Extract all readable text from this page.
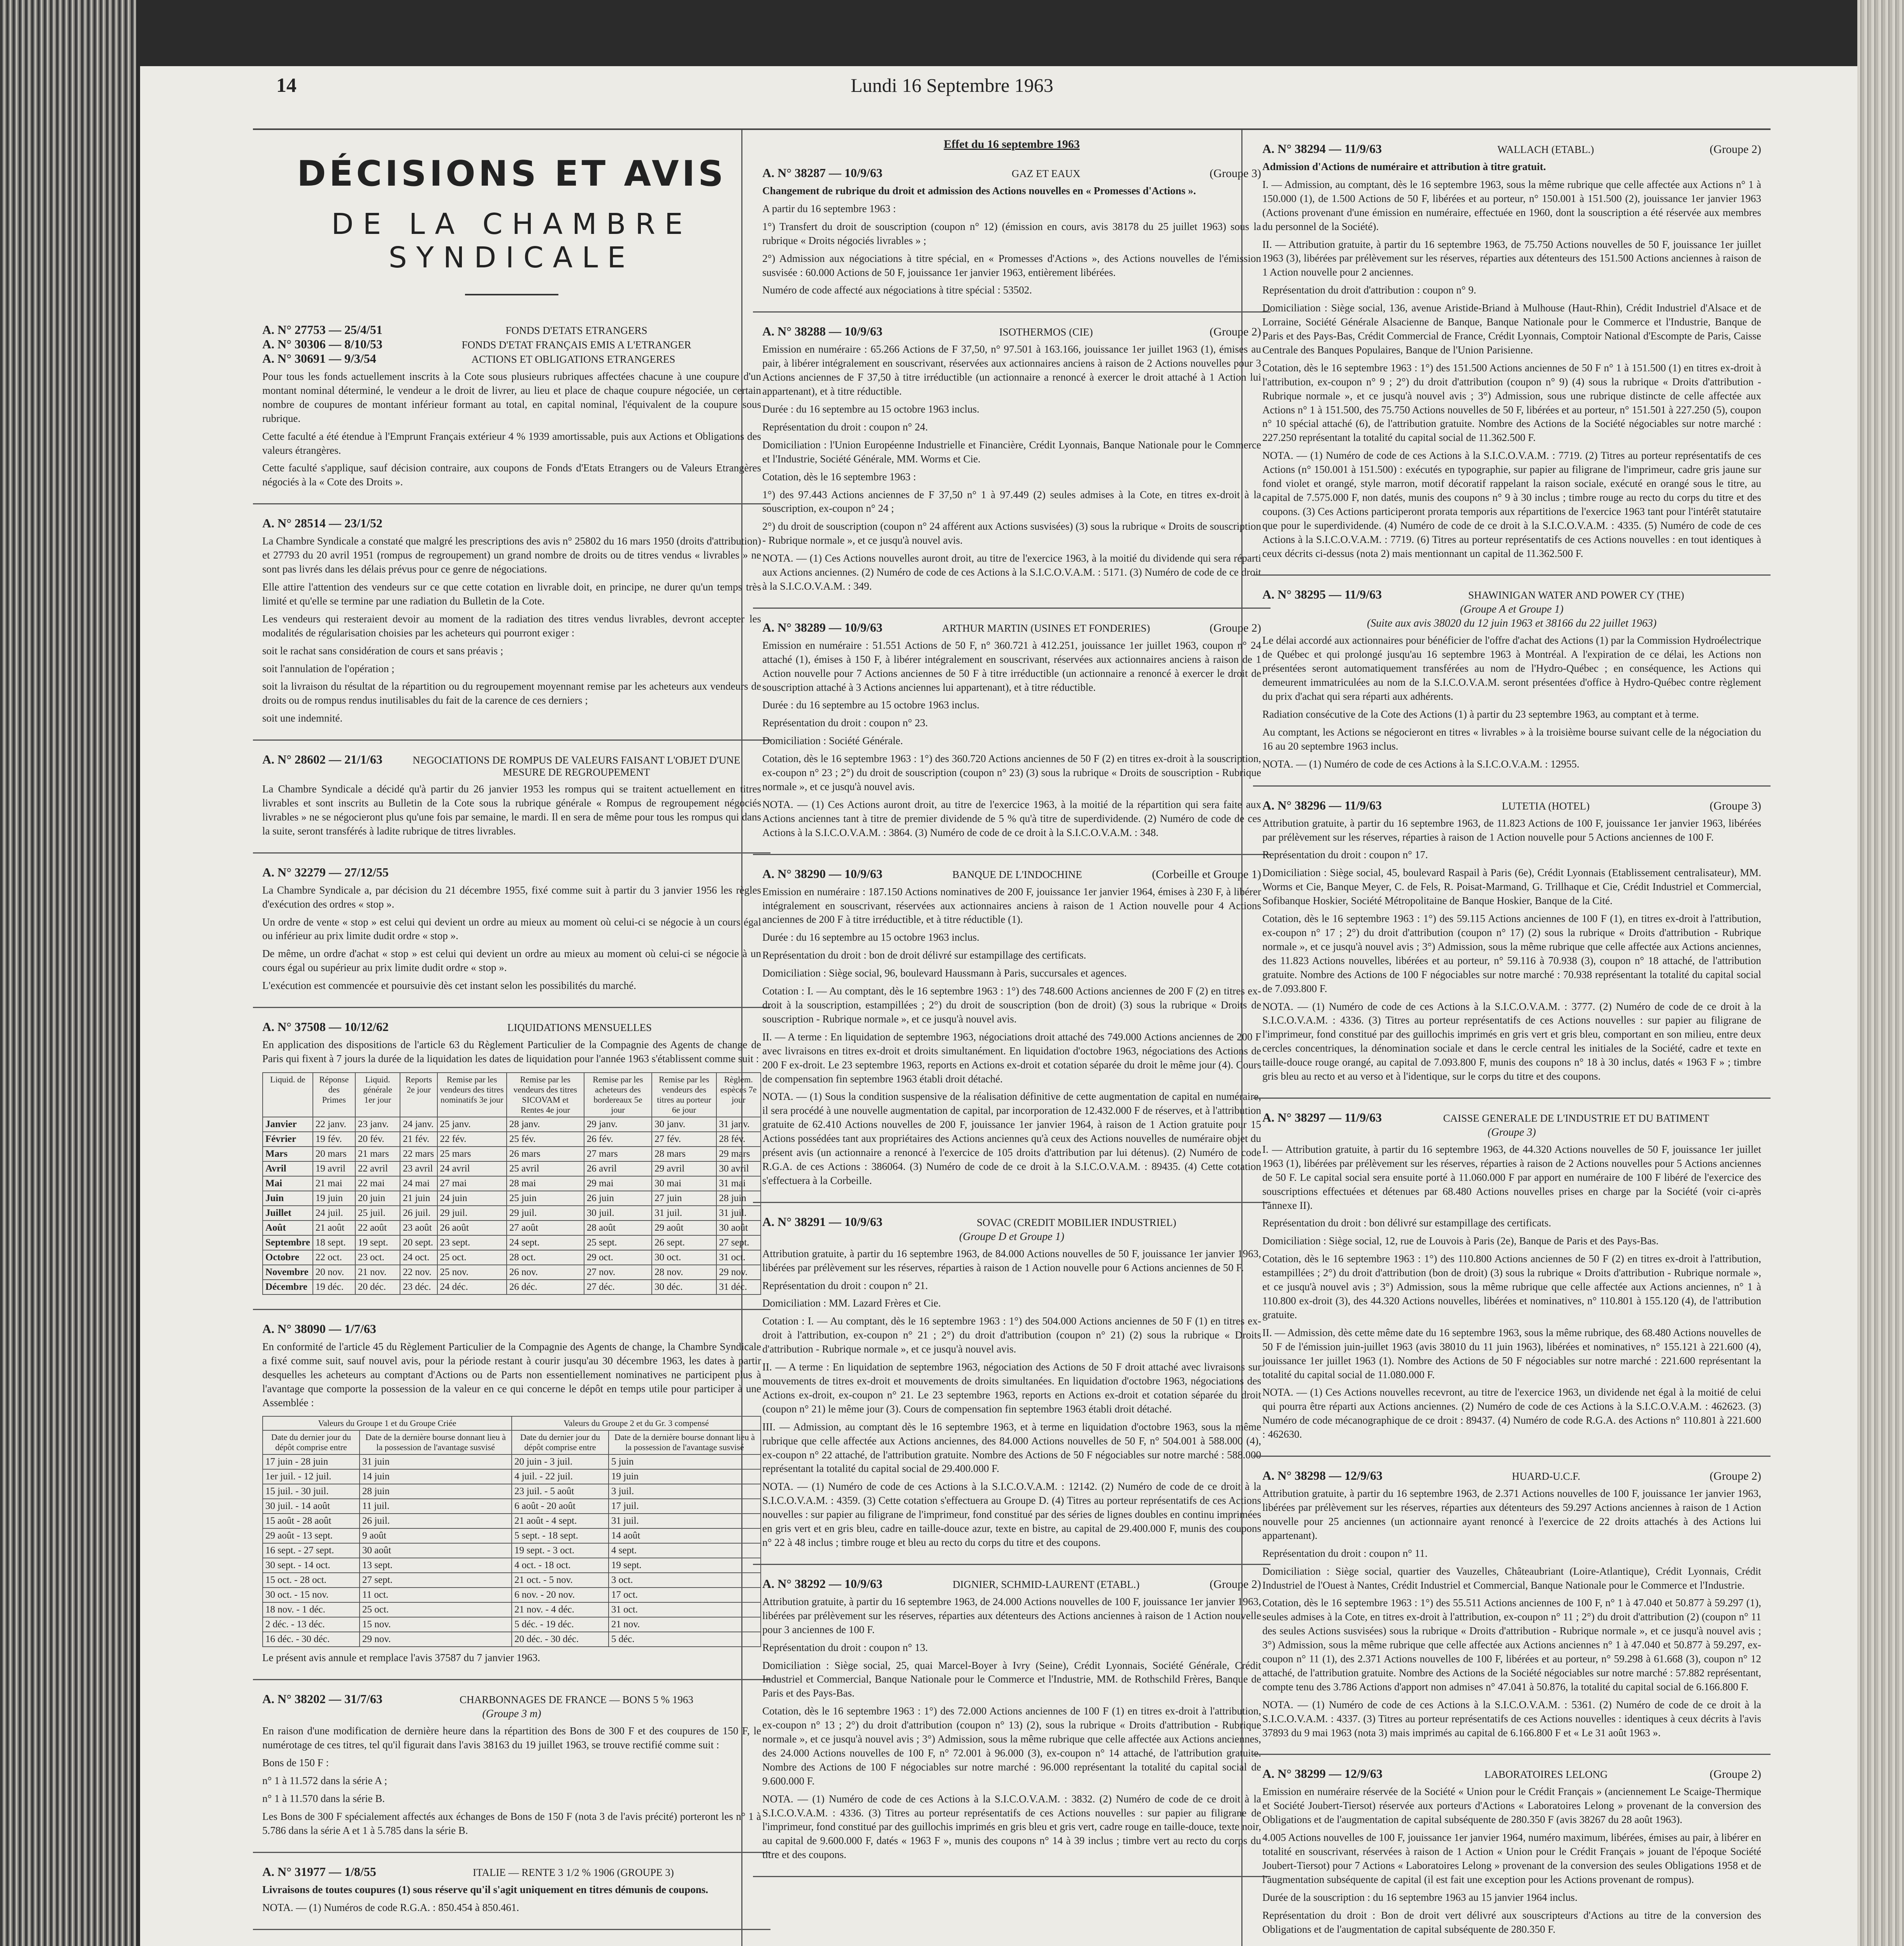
14	Lundi 16 Septembre 1963
DÉCISIONS ET AVIS
DE LA CHAMBRE SYNDICALE
A. N° 27753 — 25/4/51	FONDS D'ETATS ETRANGERS
A. N° 30306 — 8/10/53	FONDS D'ETAT FRANÇAIS EMIS A L'ETRANGER
A. N° 30691 — 9/3/54	ACTIONS ET OBLIGATIONS ETRANGERES

Pour tous les fonds actuellement inscrits à la Cote sous plusieurs rubriques affectées chacune à une coupure d'un montant nominal déterminé, le vendeur a le droit de livrer, au lieu et place de chaque coupure négociée, un certain nombre de coupures de montant inférieur formant au total, en capital nominal, l'équivalent de la coupure sous rubrique.

Cette faculté a été étendue à l'Emprunt Français extérieur 4 % 1939 amortissable, puis aux Actions et Obligations des valeurs étrangères.

Cette faculté s'applique, sauf décision contraire, aux coupons de Fonds d'Etats Etrangers ou de Valeurs Etrangères négociés à la « Cote des Droits ».

A. N° 28514 — 23/1/52

La Chambre Syndicale a constaté que malgré les prescriptions des avis n° 25802 du 16 mars 1950 (droits d'attribution) et 27793 du 20 avril 1951 (rompus de regroupement) un grand nombre de droits ou de titres vendus « livrables » ne sont pas livrés dans les délais prévus pour ce genre de négociations.

Elle attire l'attention des vendeurs sur ce que cette cotation en livrable doit, en principe, ne durer qu'un temps très limité et qu'elle se termine par une radiation du Bulletin de la Cote.

Les vendeurs qui resteraient devoir au moment de la radiation des titres vendus livrables, devront accepter les modalités de régularisation choisies par les acheteurs qui pourront exiger :

soit le rachat sans considération de cours et sans préavis ;

soit l'annulation de l'opération ;

soit la livraison du résultat de la répartition ou du regroupement moyennant remise par les acheteurs aux vendeurs de droits ou de rompus rendus inutilisables du fait de la carence de ces derniers ;

soit une indemnité.

A. N° 28602 — 21/1/63	NEGOCIATIONS DE ROMPUS DE VALEURS FAISANT L'OBJET D'UNE MESURE DE REGROUPEMENT

La Chambre Syndicale a décidé qu'à partir du 26 janvier 1953 les rompus qui se traitent actuellement en titres livrables et sont inscrits au Bulletin de la Cote sous la rubrique générale « Rompus de regroupement négociés livrables » ne se négocieront plus qu'une fois par semaine, le mardi. Il en sera de même pour tous les rompus qui dans la suite, seront transférés à ladite rubrique de titres livrables.

A. N° 32279 — 27/12/55

La Chambre Syndicale a, par décision du 21 décembre 1955, fixé comme suit à partir du 3 janvier 1956 les règles d'exécution des ordres « stop ».

Un ordre de vente « stop » est celui qui devient un ordre au mieux au moment où celui-ci se négocie à un cours égal ou inférieur au prix limite dudit ordre « stop ».

De même, un ordre d'achat « stop » est celui qui devient un ordre au mieux au moment où celui-ci se négocie à un cours égal ou supérieur au prix limite dudit ordre « stop ».

L'exécution est commencée et poursuivie dès cet instant selon les possibilités du marché.

A. N° 37508 — 10/12/62	LIQUIDATIONS MENSUELLES

En application des dispositions de l'article 63 du Règlement Particulier de la Compagnie des Agents de change de Paris qui fixent à 7 jours la durée de la liquidation les dates de liquidation pour l'année 1963 s'établissent comme suit :

Liquid. de	Réponse des Primes	Liquid. générale 1er jour	Reports 2e jour	Remise par les vendeurs des titres nominatifs 3e jour	Remise par les vendeurs des titres SICOVAM et Rentes 4e jour	Remise par les acheteurs des bordereaux 5e jour	Remise par les vendeurs des titres au porteur 6e jour	Règlem. espèces 7e jour
Janvier	22 janv.	23 janv.	24 janv.	25 janv.	28 janv.	29 janv.	30 janv.	31 janv.
Février	19 fév.	20 fév.	21 fév.	22 fév.	25 fév.	26 fév.	27 fév.	28 fév.
Mars	20 mars	21 mars	22 mars	25 mars	26 mars	27 mars	28 mars	29 mars
Avril	19 avril	22 avril	23 avril	24 avril	25 avril	26 avril	29 avril	30 avril
Mai	21 mai	22 mai	24 mai	27 mai	28 mai	29 mai	30 mai	31 mai
Juin	19 juin	20 juin	21 juin	24 juin	25 juin	26 juin	27 juin	28 juin
Juillet	24 juil.	25 juil.	26 juil.	29 juil.	29 juil.	30 juil.	31 juil.	31 juil.
Août	21 août	22 août	23 août	26 août	27 août	28 août	29 août	30 août
Septembre	18 sept.	19 sept.	20 sept.	23 sept.	24 sept.	25 sept.	26 sept.	27 sept.
Octobre	22 oct.	23 oct.	24 oct.	25 oct.	28 oct.	29 oct.	30 oct.	31 oct.
Novembre	20 nov.	21 nov.	22 nov.	25 nov.	26 nov.	27 nov.	28 nov.	29 nov.
Décembre	19 déc.	20 déc.	23 déc.	24 déc.	26 déc.	27 déc.	30 déc.	31 déc.
A. N° 38090 — 1/7/63

En conformité de l'article 45 du Règlement Particulier de la Compagnie des Agents de change, la Chambre Syndicale a fixé comme suit, sauf nouvel avis, pour la période restant à courir jusqu'au 30 décembre 1963, les dates à partir desquelles les acheteurs au comptant d'Actions ou de Parts non essentiellement nominatives ne participent plus à l'avantage que comporte la possession de la valeur en ce qui concerne le dépôt en temps utile pour participer à une Assemblée :

Valeurs du Groupe 1 et du Groupe Criée		Valeurs du Groupe 2 et du Gr. 3 compensé	
Date du dernier jour du dépôt comprise entre	Date de la dernière bourse donnant lieu à la possession de l'avantage susvisé	Date du dernier jour du dépôt comprise entre	Date de la dernière bourse donnant lieu à la possession de l'avantage susvisé
17 juin - 28 juin	31 juin	20 juin - 3 juil.	5 juin
1er juil. - 12 juil.	14 juin	4 juil. - 22 juil.	19 juin
15 juil. - 30 juil.	28 juin	23 juil. - 5 août	3 juil.
30 juil. - 14 août	11 juil.	6 août - 20 août	17 juil.
15 août - 28 août	26 juil.	21 août - 4 sept.	31 juil.
29 août - 13 sept.	9 août	5 sept. - 18 sept.	14 août
16 sept. - 27 sept.	30 août	19 sept. - 3 oct.	4 sept.
30 sept. - 14 oct.	13 sept.	4 oct. - 18 oct.	19 sept.
15 oct. - 28 oct.	27 sept.	21 oct. - 5 nov.	3 oct.
30 oct. - 15 nov.	11 oct.	6 nov. - 20 nov.	17 oct.
18 nov. - 1 déc.	25 oct.	21 nov. - 4 déc.	31 oct.
2 déc. - 13 déc.	15 nov.	5 déc. - 19 déc.	21 nov.
16 déc. - 30 déc.	29 nov.	20 déc. - 30 déc.	5 déc.

Le présent avis annule et remplace l'avis 37587 du 7 janvier 1963.

A. N° 38202 — 31/7/63	CHARBONNAGES DE FRANCE — BONS 5 % 1963
(Groupe 3 m)

En raison d'une modification de dernière heure dans la répartition des Bons de 300 F et des coupures de 150 F, le numérotage de ces titres, tel qu'il figurait dans l'avis 38163 du 19 juillet 1963, se trouve rectifié comme suit :

Bons de 150 F :

n° 1 à 11.572 dans la série A ;

n° 1 à 11.570 dans la série B.

Les Bons de 300 F spécialement affectés aux échanges de Bons de 150 F (nota 3 de l'avis précité) porteront les n° 1 à 5.786 dans la série A et 1 à 5.785 dans la série B.

A. N° 31977 — 1/8/55	ITALIE — RENTE 3 1/2 % 1906 (GROUPE 3)

Livraisons de toutes coupures (1) sous réserve qu'il s'agit uniquement en titres démunis de coupons.

NOTA. — (1) Numéros de code R.G.A. : 850.454 à 850.461.

Effet du 16 septembre 1963
A. N° 38287 — 10/9/63	GAZ ET EAUX	(Groupe 3)

Changement de rubrique du droit et admission des Actions nouvelles en « Promesses d'Actions ».

A partir du 16 septembre 1963 :

1°) Transfert du droit de souscription (coupon n° 12) (émission en cours, avis 38178 du 25 juillet 1963) sous la rubrique « Droits négociés livrables » ;

2°) Admission aux négociations à titre spécial, en « Promesses d'Actions », des Actions nouvelles de l'émission susvisée : 60.000 Actions de 50 F, jouissance 1er janvier 1963, entièrement libérées.

Numéro de code affecté aux négociations à titre spécial : 53502.

A. N° 38288 — 10/9/63	ISOTHERMOS (CIE)	(Groupe 2)

Emission en numéraire : 65.266 Actions de F 37,50, n° 97.501 à 163.166, jouissance 1er juillet 1963 (1), émises au pair, à libérer intégralement en souscrivant, réservées aux actionnaires anciens à raison de 2 Actions nouvelles pour 3 Actions anciennes de F 37,50 à titre irréductible (un actionnaire a renoncé à exercer le droit attaché à 1 Action lui appartenant), et à titre réductible.

Durée : du 16 septembre au 15 octobre 1963 inclus.

Représentation du droit : coupon n° 24.

Domiciliation : l'Union Européenne Industrielle et Financière, Crédit Lyonnais, Banque Nationale pour le Commerce et l'Industrie, Société Générale, MM. Worms et Cie.

Cotation, dès le 16 septembre 1963 :

1°) des 97.443 Actions anciennes de F 37,50 n° 1 à 97.449 (2) seules admises à la Cote, en titres ex-droit à la souscription, ex-coupon n° 24 ;

2°) du droit de souscription (coupon n° 24 afférent aux Actions susvisées) (3) sous la rubrique « Droits de souscription - Rubrique normale », et ce jusqu'à nouvel avis.

NOTA. — (1) Ces Actions nouvelles auront droit, au titre de l'exercice 1963, à la moitié du dividende qui sera réparti aux Actions anciennes. (2) Numéro de code de ces Actions à la S.I.C.O.V.A.M. : 5171. (3) Numéro de code de ce droit à la S.I.C.O.V.A.M. : 349.

A. N° 38289 — 10/9/63	ARTHUR MARTIN (USINES ET FONDERIES)	(Groupe 2)

Emission en numéraire : 51.551 Actions de 50 F, n° 360.721 à 412.251, jouissance 1er juillet 1963, coupon n° 24 attaché (1), émises à 150 F, à libérer intégralement en souscrivant, réservées aux actionnaires anciens à raison de 1 Action nouvelle pour 7 Actions anciennes de 50 F à titre irréductible (un actionnaire a renoncé à exercer le droit de souscription attaché à 3 Actions anciennes lui appartenant), et à titre réductible.

Durée : du 16 septembre au 15 octobre 1963 inclus.

Représentation du droit : coupon n° 23.

Domiciliation : Société Générale.

Cotation, dès le 16 septembre 1963 : 1°) des 360.720 Actions anciennes de 50 F (2) en titres ex-droit à la souscription, ex-coupon n° 23 ; 2°) du droit de souscription (coupon n° 23) (3) sous la rubrique « Droits de souscription - Rubrique normale », et ce jusqu'à nouvel avis.

NOTA. — (1) Ces Actions auront droit, au titre de l'exercice 1963, à la moitié de la répartition qui sera faite aux Actions anciennes tant à titre de premier dividende de 5 % qu'à titre de superdividende. (2) Numéro de code de ces Actions à la S.I.C.O.V.A.M. : 3864. (3) Numéro de code de ce droit à la S.I.C.O.V.A.M. : 348.

A. N° 38290 — 10/9/63	BANQUE DE L'INDOCHINE	(Corbeille et Groupe 1)

Emission en numéraire : 187.150 Actions nominatives de 200 F, jouissance 1er janvier 1964, émises à 230 F, à libérer intégralement en souscrivant, réservées aux actionnaires anciens à raison de 1 Action nouvelle pour 4 Actions anciennes de 200 F à titre irréductible, et à titre réductible (1).

Durée : du 16 septembre au 15 octobre 1963 inclus.

Représentation du droit : bon de droit délivré sur estampillage des certificats.

Domiciliation : Siège social, 96, boulevard Haussmann à Paris, succursales et agences.

Cotation : I. — Au comptant, dès le 16 septembre 1963 : 1°) des 748.600 Actions anciennes de 200 F (2) en titres ex-droit à la souscription, estampillées ; 2°) du droit de souscription (bon de droit) (3) sous la rubrique « Droits de souscription - Rubrique normale », et ce jusqu'à nouvel avis.

II. — A terme : En liquidation de septembre 1963, négociations droit attaché des 749.000 Actions anciennes de 200 F avec livraisons en titres ex-droit et droits simultanément. En liquidation d'octobre 1963, négociations des Actions de 200 F ex-droit. Le 23 septembre 1963, reports en Actions ex-droit et cotation séparée du droit le même jour (4). Cours de compensation fin septembre 1963 établi droit détaché.

NOTA. — (1) Sous la condition suspensive de la réalisation définitive de cette augmentation de capital en numéraire, il sera procédé à une nouvelle augmentation de capital, par incorporation de 12.432.000 F de réserves, et à l'attribution gratuite de 62.410 Actions nouvelles de 200 F, jouissance 1er janvier 1964, à raison de 1 Action gratuite pour 15 Actions possédées tant aux propriétaires des Actions anciennes qu'à ceux des Actions nouvelles de numéraire objet du présent avis (un actionnaire a renoncé à l'exercice de 105 droits d'attribution par lui détenus). (2) Numéro de code R.G.A. de ces Actions : 386064. (3) Numéro de code de ce droit à la S.I.C.O.V.A.M. : 89435. (4) Cette cotation s'effectuera à la Corbeille.

A. N° 38291 — 10/9/63	SOVAC (CREDIT MOBILIER INDUSTRIEL)
(Groupe D et Groupe 1)

Attribution gratuite, à partir du 16 septembre 1963, de 84.000 Actions nouvelles de 50 F, jouissance 1er janvier 1963, libérées par prélèvement sur les réserves, réparties à raison de 1 Action nouvelle pour 6 Actions anciennes de 50 F.

Représentation du droit : coupon n° 21.

Domiciliation : MM. Lazard Frères et Cie.

Cotation : I. — Au comptant, dès le 16 septembre 1963 : 1°) des 504.000 Actions anciennes de 50 F (1) en titres ex-droit à l'attribution, ex-coupon n° 21 ; 2°) du droit d'attribution (coupon n° 21) (2) sous la rubrique « Droits d'attribution - Rubrique normale », et ce jusqu'à nouvel avis.

II. — A terme : En liquidation de septembre 1963, négociation des Actions de 50 F droit attaché avec livraisons sur mouvements de titres ex-droit et mouvements de droits simultanées. En liquidation d'octobre 1963, négociations des Actions ex-droit, ex-coupon n° 21. Le 23 septembre 1963, reports en Actions ex-droit et cotation séparée du droit (coupon n° 21) le même jour (3). Cours de compensation fin septembre 1963 établi droit détaché.

III. — Admission, au comptant dès le 16 septembre 1963, et à terme en liquidation d'octobre 1963, sous la même rubrique que celle affectée aux Actions anciennes, des 84.000 Actions nouvelles de 50 F, n° 504.001 à 588.000 (4), ex-coupon n° 22 attaché, de l'attribution gratuite. Nombre des Actions de 50 F négociables sur notre marché : 588.000 représentant la totalité du capital social de 29.400.000 F.

NOTA. — (1) Numéro de code de ces Actions à la S.I.C.O.V.A.M. : 12142. (2) Numéro de code de ce droit à la S.I.C.O.V.A.M. : 4359. (3) Cette cotation s'effectuera au Groupe D. (4) Titres au porteur représentatifs de ces Actions nouvelles : sur papier au filigrane de l'imprimeur, fond constitué par des séries de lignes doubles en continu imprimées en gris vert et en gris bleu, cadre en taille-douce azur, texte en bistre, au capital de 29.400.000 F, munis des coupons n° 22 à 48 inclus ; timbre rouge et bleu au recto du corps du titre et des coupons.

A. N° 38292 — 10/9/63	DIGNIER, SCHMID-LAURENT (ETABL.)	(Groupe 2)

Attribution gratuite, à partir du 16 septembre 1963, de 24.000 Actions nouvelles de 100 F, jouissance 1er janvier 1963, libérées par prélèvement sur les réserves, réparties aux détenteurs des Actions anciennes à raison de 1 Action nouvelle pour 3 anciennes de 100 F.

Représentation du droit : coupon n° 13.

Domiciliation : Siège social, 25, quai Marcel-Boyer à Ivry (Seine), Crédit Lyonnais, Société Générale, Crédit Industriel et Commercial, Banque Nationale pour le Commerce et l'Industrie, MM. de Rothschild Frères, Banque de Paris et des Pays-Bas.

Cotation, dès le 16 septembre 1963 : 1°) des 72.000 Actions anciennes de 100 F (1) en titres ex-droit à l'attribution, ex-coupon n° 13 ; 2°) du droit d'attribution (coupon n° 13) (2), sous la rubrique « Droits d'attribution - Rubrique normale », et ce jusqu'à nouvel avis ; 3°) Admission, sous la même rubrique que celle affectée aux Actions anciennes, des 24.000 Actions nouvelles de 100 F, n° 72.001 à 96.000 (3), ex-coupon n° 14 attaché, de l'attribution gratuite. Nombre des Actions de 100 F négociables sur notre marché : 96.000 représentant la totalité du capital social de 9.600.000 F.

NOTA. — (1) Numéro de code de ces Actions à la S.I.C.O.V.A.M. : 3832. (2) Numéro de code de ce droit à la S.I.C.O.V.A.M. : 4336. (3) Titres au porteur représentatifs de ces Actions nouvelles : sur papier au filigrane de l'imprimeur, fond constitué par des guillochis imprimés en gris bleu et gris vert, cadre rouge en taille-douce, texte noir, au capital de 9.600.000 F, datés « 1963 F », munis des coupons n° 14 à 39 inclus ; timbre vert au recto du corps du titre et des coupons.

A. N° 38294 — 11/9/63	WALLACH (ETABL.)	(Groupe 2)

Admission d'Actions de numéraire et attribution à titre gratuit.

I. — Admission, au comptant, dès le 16 septembre 1963, sous la même rubrique que celle affectée aux Actions n° 1 à 150.000 (1), de 1.500 Actions de 50 F, libérées et au porteur, n° 150.001 à 151.500 (2), jouissance 1er janvier 1963 (Actions provenant d'une émission en numéraire, effectuée en 1960, dont la souscription a été réservée aux membres du personnel de la Société).

II. — Attribution gratuite, à partir du 16 septembre 1963, de 75.750 Actions nouvelles de 50 F, jouissance 1er juillet 1963 (3), libérées par prélèvement sur les réserves, réparties aux détenteurs des 151.500 Actions anciennes à raison de 1 Action nouvelle pour 2 anciennes.

Représentation du droit d'attribution : coupon n° 9.

Domiciliation : Siège social, 136, avenue Aristide-Briand à Mulhouse (Haut-Rhin), Crédit Industriel d'Alsace et de Lorraine, Société Générale Alsacienne de Banque, Banque Nationale pour le Commerce et l'Industrie, Banque de Paris et des Pays-Bas, Crédit Commercial de France, Crédit Lyonnais, Comptoir National d'Escompte de Paris, Caisse Centrale des Banques Populaires, Banque de l'Union Parisienne.

Cotation, dès le 16 septembre 1963 : 1°) des 151.500 Actions anciennes de 50 F n° 1 à 151.500 (1) en titres ex-droit à l'attribution, ex-coupon n° 9 ; 2°) du droit d'attribution (coupon n° 9) (4) sous la rubrique « Droits d'attribution - Rubrique normale », et ce jusqu'à nouvel avis ; 3°) Admission, sous une rubrique distincte de celle affectée aux Actions n° 1 à 151.500, des 75.750 Actions nouvelles de 50 F, libérées et au porteur, n° 151.501 à 227.250 (5), coupon n° 10 spécial attaché (6), de l'attribution gratuite. Nombre des Actions de la Société négociables sur notre marché : 227.250 représentant la totalité du capital social de 11.362.500 F.

NOTA. — (1) Numéro de code de ces Actions à la S.I.C.O.V.A.M. : 7719. (2) Titres au porteur représentatifs de ces Actions (n° 150.001 à 151.500) : exécutés en typographie, sur papier au filigrane de l'imprimeur, cadre gris jaune sur fond violet et orangé, style marron, motif décoratif rappelant la raison sociale, exécuté en orangé sous le titre, au capital de 7.575.000 F, non datés, munis des coupons n° 9 à 30 inclus ; timbre rouge au recto du corps du titre et des coupons. (3) Ces Actions participeront prorata temporis aux répartitions de l'exercice 1963 tant pour l'intérêt statutaire que pour le superdividende. (4) Numéro de code de ce droit à la S.I.C.O.V.A.M. : 4335. (5) Numéro de code de ces Actions à la S.I.C.O.V.A.M. : 7719. (6) Titres au porteur représentatifs de ces Actions nouvelles : en tout identiques à ceux décrits ci-dessus (nota 2) mais mentionnant un capital de 11.362.500 F.

A. N° 38295 — 11/9/63	SHAWINIGAN WATER AND POWER CY (THE)
(Groupe A et Groupe 1)
(Suite aux avis 38020 du 12 juin 1963 et 38166 du 22 juillet 1963)

Le délai accordé aux actionnaires pour bénéficier de l'offre d'achat des Actions (1) par la Commission Hydroélectrique de Québec et qui prolongé jusqu'au 16 septembre 1963 à Montréal. A l'expiration de ce délai, les Actions non présentées seront automatiquement transférées au nom de l'Hydro-Québec ; en conséquence, les Actions qui demeurent immatriculées au nom de la S.I.C.O.V.A.M. seront présentées d'office à Hydro-Québec contre règlement du prix d'achat qui sera réparti aux adhérents.

Radiation consécutive de la Cote des Actions (1) à partir du 23 septembre 1963, au comptant et à terme.

Au comptant, les Actions se négocieront en titres « livrables » à la troisième bourse suivant celle de la négociation du 16 au 20 septembre 1963 inclus.

NOTA. — (1) Numéro de code de ces Actions à la S.I.C.O.V.A.M. : 12955.

A. N° 38296 — 11/9/63	LUTETIA (HOTEL)	(Groupe 3)

Attribution gratuite, à partir du 16 septembre 1963, de 11.823 Actions de 100 F, jouissance 1er janvier 1963, libérées par prélèvement sur les réserves, réparties à raison de 1 Action nouvelle pour 5 Actions anciennes de 100 F.

Représentation du droit : coupon n° 17.

Domiciliation : Siège social, 45, boulevard Raspail à Paris (6e), Crédit Lyonnais (Etablissement centralisateur), MM. Worms et Cie, Banque Meyer, C. de Fels, R. Poisat-Marmand, G. Trillhaque et Cie, Crédit Industriel et Commercial, Sofibanque Hoskier, Société Métropolitaine de Banque Hoskier, Banque de la Cité.

Cotation, dès le 16 septembre 1963 : 1°) des 59.115 Actions anciennes de 100 F (1), en titres ex-droit à l'attribution, ex-coupon n° 17 ; 2°) du droit d'attribution (coupon n° 17) (2) sous la rubrique « Droits d'attribution - Rubrique normale », et ce jusqu'à nouvel avis ; 3°) Admission, sous la même rubrique que celle affectée aux Actions anciennes, des 11.823 Actions nouvelles, libérées et au porteur, n° 59.116 à 70.938 (3), coupon n° 18 attaché, de l'attribution gratuite. Nombre des Actions de 100 F négociables sur notre marché : 70.938 représentant la totalité du capital social de 7.093.800 F.

NOTA. — (1) Numéro de code de ces Actions à la S.I.C.O.V.A.M. : 3777. (2) Numéro de code de ce droit à la S.I.C.O.V.A.M. : 4336. (3) Titres au porteur représentatifs de ces Actions nouvelles : sur papier au filigrane de l'imprimeur, fond constitué par des guillochis imprimés en gris vert et gris bleu, comportant en son milieu, entre deux cercles concentriques, la dénomination sociale et dans le cercle central les initiales de la Société, cadre et texte en taille-douce rouge orangé, au capital de 7.093.800 F, munis des coupons n° 18 à 30 inclus, datés « 1963 F » ; timbre gris bleu au recto et au verso et à l'identique, sur le corps du titre et des coupons.

A. N° 38297 — 11/9/63	CAISSE GENERALE DE L'INDUSTRIE ET DU BATIMENT
(Groupe 3)

I. — Attribution gratuite, à partir du 16 septembre 1963, de 44.320 Actions nouvelles de 50 F, jouissance 1er juillet 1963 (1), libérées par prélèvement sur les réserves, réparties à raison de 2 Actions nouvelles pour 5 Actions anciennes de 50 F. Le capital social sera ensuite porté à 11.060.000 F par apport en numéraire de 100 F libéré de l'exercice des souscriptions effectuées et détenues par 68.480 Actions nouvelles prises en charge par la Société (voir ci-après l'annexe II).

Représentation du droit : bon délivré sur estampillage des certificats.

Domiciliation : Siège social, 12, rue de Louvois à Paris (2e), Banque de Paris et des Pays-Bas.

Cotation, dès le 16 septembre 1963 : 1°) des 110.800 Actions anciennes de 50 F (2) en titres ex-droit à l'attribution, estampillées ; 2°) du droit d'attribution (bon de droit) (3) sous la rubrique « Droits d'attribution - Rubrique normale », et ce jusqu'à nouvel avis ; 3°) Admission, sous la même rubrique que celle affectée aux Actions anciennes, n° 1 à 110.800 ex-droit (3), des 44.320 Actions nouvelles, libérées et nominatives, n° 110.801 à 155.120 (4), de l'attribution gratuite.

II. — Admission, dès cette même date du 16 septembre 1963, sous la même rubrique, des 68.480 Actions nouvelles de 50 F de l'émission juin-juillet 1963 (avis 38010 du 11 juin 1963), libérées et nominatives, n° 155.121 à 221.600 (4), jouissance 1er juillet 1963 (1). Nombre des Actions de 50 F négociables sur notre marché : 221.600 représentant la totalité du capital social de 11.080.000 F.

NOTA. — (1) Ces Actions nouvelles recevront, au titre de l'exercice 1963, un dividende net égal à la moitié de celui qui pourra être réparti aux Actions anciennes. (2) Numéro de code de ces Actions à la S.I.C.O.V.A.M. : 462623. (3) Numéro de code mécanographique de ce droit : 89437. (4) Numéro de code R.G.A. des Actions n° 110.801 à 221.600 : 462630.

A. N° 38298 — 12/9/63	HUARD-U.C.F.	(Groupe 2)

Attribution gratuite, à partir du 16 septembre 1963, de 2.371 Actions nouvelles de 100 F, jouissance 1er janvier 1963, libérées par prélèvement sur les réserves, réparties aux détenteurs des 59.297 Actions anciennes à raison de 1 Action nouvelle pour 25 anciennes (un actionnaire ayant renoncé à l'exercice de 22 droits attachés à des Actions lui appartenant).

Représentation du droit : coupon n° 11.

Domiciliation : Siège social, quartier des Vauzelles, Châteaubriant (Loire-Atlantique), Crédit Lyonnais, Crédit Industriel de l'Ouest à Nantes, Crédit Industriel et Commercial, Banque Nationale pour le Commerce et l'Industrie.

Cotation, dès le 16 septembre 1963 : 1°) des 55.511 Actions anciennes de 100 F, n° 1 à 47.040 et 50.877 à 59.297 (1), seules admises à la Cote, en titres ex-droit à l'attribution, ex-coupon n° 11 ; 2°) du droit d'attribution (2) (coupon n° 11 des seules Actions susvisées) sous la rubrique « Droits d'attribution - Rubrique normale », et ce jusqu'à nouvel avis ; 3°) Admission, sous la même rubrique que celle affectée aux Actions anciennes n° 1 à 47.040 et 50.877 à 59.297, ex-coupon n° 11 (1), des 2.371 Actions nouvelles de 100 F, libérées et au porteur, n° 59.298 à 61.668 (3), coupon n° 12 attaché, de l'attribution gratuite. Nombre des Actions de la Société négociables sur notre marché : 57.882 représentant, compte tenu des 3.786 Actions d'apport non admises n° 47.041 à 50.876, la totalité du capital social de 6.166.800 F.

NOTA. — (1) Numéro de code de ces Actions à la S.I.C.O.V.A.M. : 5361. (2) Numéro de code de ce droit à la S.I.C.O.V.A.M. : 4337. (3) Titres au porteur représentatifs de ces Actions nouvelles : identiques à ceux décrits à l'avis 37893 du 9 mai 1963 (nota 3) mais imprimés au capital de 6.166.800 F et « Le 31 août 1963 ».

A. N° 38299 — 12/9/63	LABORATOIRES LELONG	(Groupe 2)

Emission en numéraire réservée de la Société « Union pour le Crédit Français » (anciennement Le Scaige-Thermique et Société Joubert-Tiersot) réservée aux porteurs d'Actions « Laboratoires Lelong » provenant de la conversion des Obligations et de l'augmentation de capital subséquente de 280.350 F (avis 38267 du 28 août 1963).

4.005 Actions nouvelles de 100 F, jouissance 1er janvier 1964, numéro maximum, libérées, émises au pair, à libérer en totalité en souscrivant, réservées à raison de 1 Action « Union pour le Crédit Français » jouant de l'époque Société Joubert-Tiersot) pour 7 Actions « Laboratoires Lelong » provenant de la conversion des seules Obligations 1958 et de l'augmentation subséquente de capital (il est fait une exception pour les Actions provenant de rompus).

Durée de la souscription : du 16 septembre 1963 au 15 janvier 1964 inclus.

Représentation du droit : Bon de droit vert délivré aux souscripteurs d'Actions au titre de la conversion des Obligations et de l'augmentation de capital subséquente de 280.350 F.
